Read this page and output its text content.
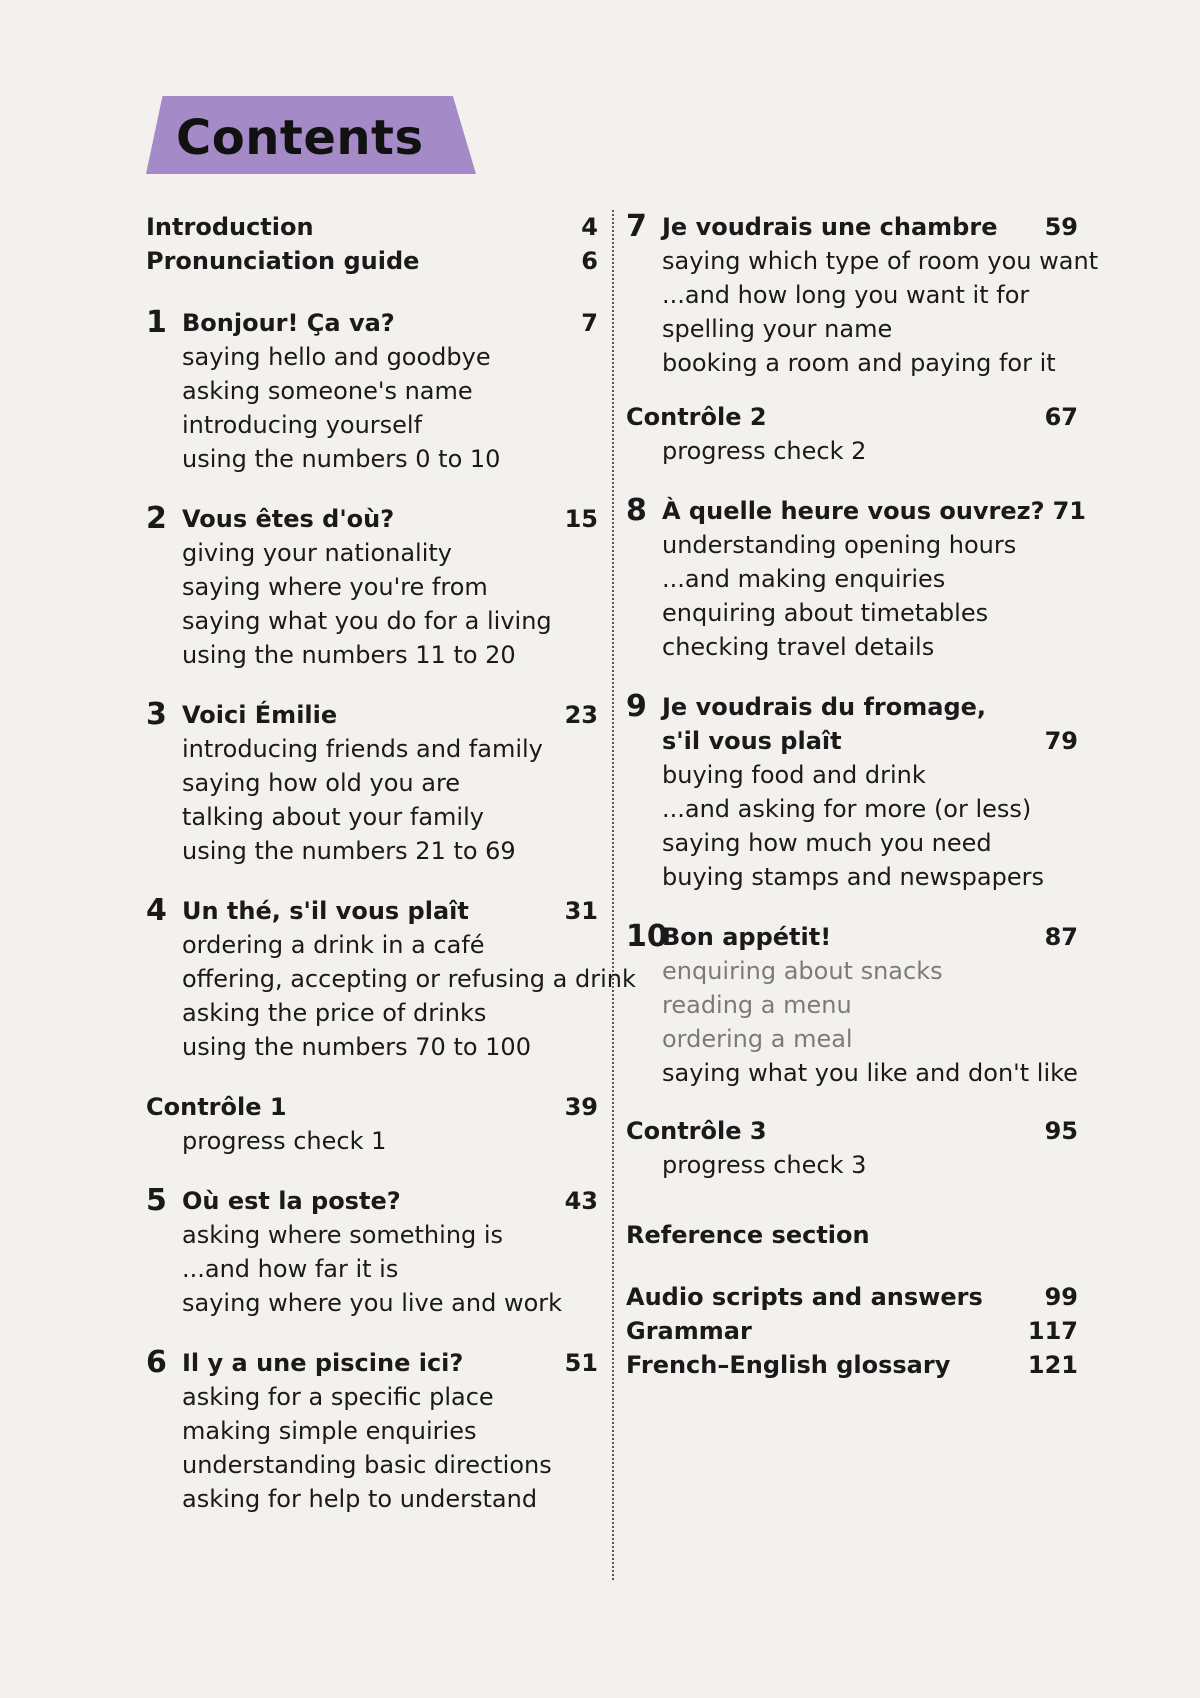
Contents
Introduction	4
Pronunciation guide	6
1 Bonjour! Ça va?	7
saying hello and goodbye
asking someone's name
introducing yourself
using the numbers 0 to 10
2 Vous êtes d'où?	15
giving your nationality
saying where you're from
saying what you do for a living
using the numbers 11 to 20
3 Voici Émilie	23
introducing friends and family
saying how old you are
talking about your family
using the numbers 21 to 69
4 Un thé, s'il vous plaît	31
ordering a drink in a café
offering, accepting or refusing a drink
asking the price of drinks
using the numbers 70 to 100
Contrôle 1	39
progress check 1
5 Où est la poste?	43
asking where something is
...and how far it is
saying where you live and work
6 Il y a une piscine ici?	51
asking for a specific place
making simple enquiries
understanding basic directions
asking for help to understand
7 Je voudrais une chambre	59
saying which type of room you want
...and how long you want it for
spelling your name
booking a room and paying for it
Contrôle 2	67
progress check 2
8 À quelle heure vous ouvrez? 71
understanding opening hours
...and making enquiries
enquiring about timetables
checking travel details
9 Je voudrais du fromage,
s'il vous plaît	79
buying food and drink
...and asking for more (or less)
saying how much you need
buying stamps and newspapers
10
Bon appétit!	87
enquiring about snacks
reading a menu
ordering a meal
saying what you like and don't like
Contrôle 3	95
progress check 3
Reference section
Audio scripts and answers	99
Grammar	117
French–English glossary	121
